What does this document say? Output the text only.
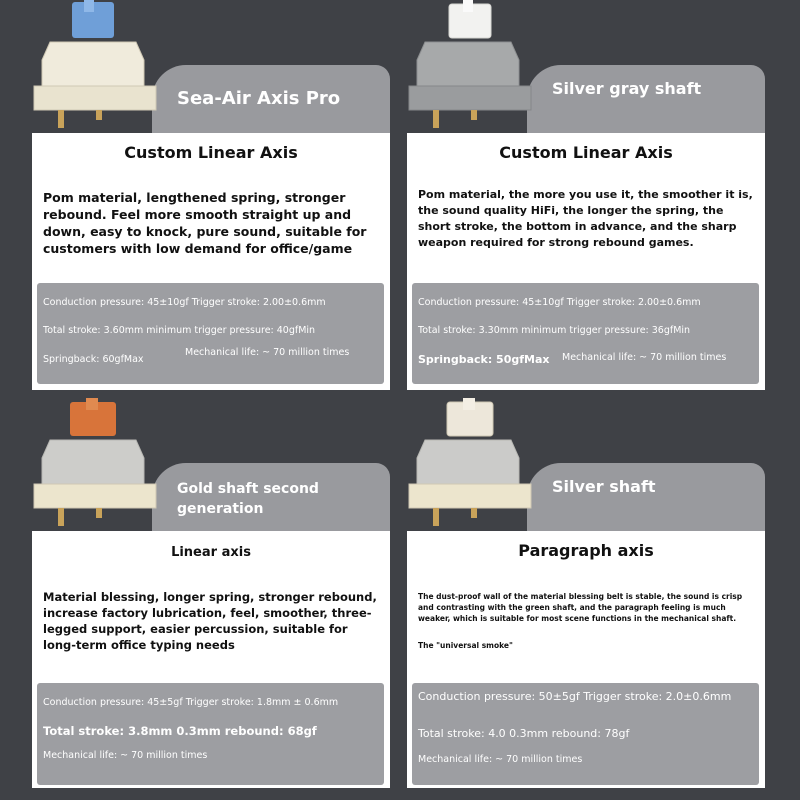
Sea-Air Axis Pro
Custom Linear Axis
Pom material, lengthened spring, stronger rebound. Feel more smooth straight up and down, easy to knock, pure sound, suitable for customers with low demand for office/game
Conduction pressure: 45±10gf Trigger stroke: 2.00±0.6mm
Total stroke: 3.60mm minimum trigger pressure: 40gfMin
Springback: 60gfMax
Mechanical life: ~ 70 million times
Silver gray shaft
Custom Linear Axis
Pom material, the more you use it, the smoother it is, the sound quality HiFi, the longer the spring, the short stroke, the bottom in advance, and the sharp weapon required for strong rebound games.
Conduction pressure: 45±10gf Trigger stroke: 2.00±0.6mm
Total stroke: 3.30mm minimum trigger pressure: 36gfMin
Springback: 50gfMax Mechanical life: ~ 70 million times
Gold shaft second generation
Linear axis
Material blessing, longer spring, stronger rebound, increase factory lubrication, feel, smoother, three-legged support, easier percussion, suitable for long-term office typing needs
Conduction pressure: 45±5gf Trigger stroke: 1.8mm ± 0.6mm
Total stroke: 3.8mm 0.3mm rebound: 68gf
Mechanical life: ~ 70 million times
Silver shaft
Paragraph axis
The dust-proof wall of the material blessing belt is stable, the sound is crisp and contrasting with the green shaft, and the paragraph feeling is much weaker, which is suitable for most scene functions in the mechanical shaft.
The "universal smoke"
Conduction pressure: 50±5gf Trigger stroke: 2.0±0.6mm
Total stroke: 4.0 0.3mm rebound: 78gf
Mechanical life: ~ 70 million times
